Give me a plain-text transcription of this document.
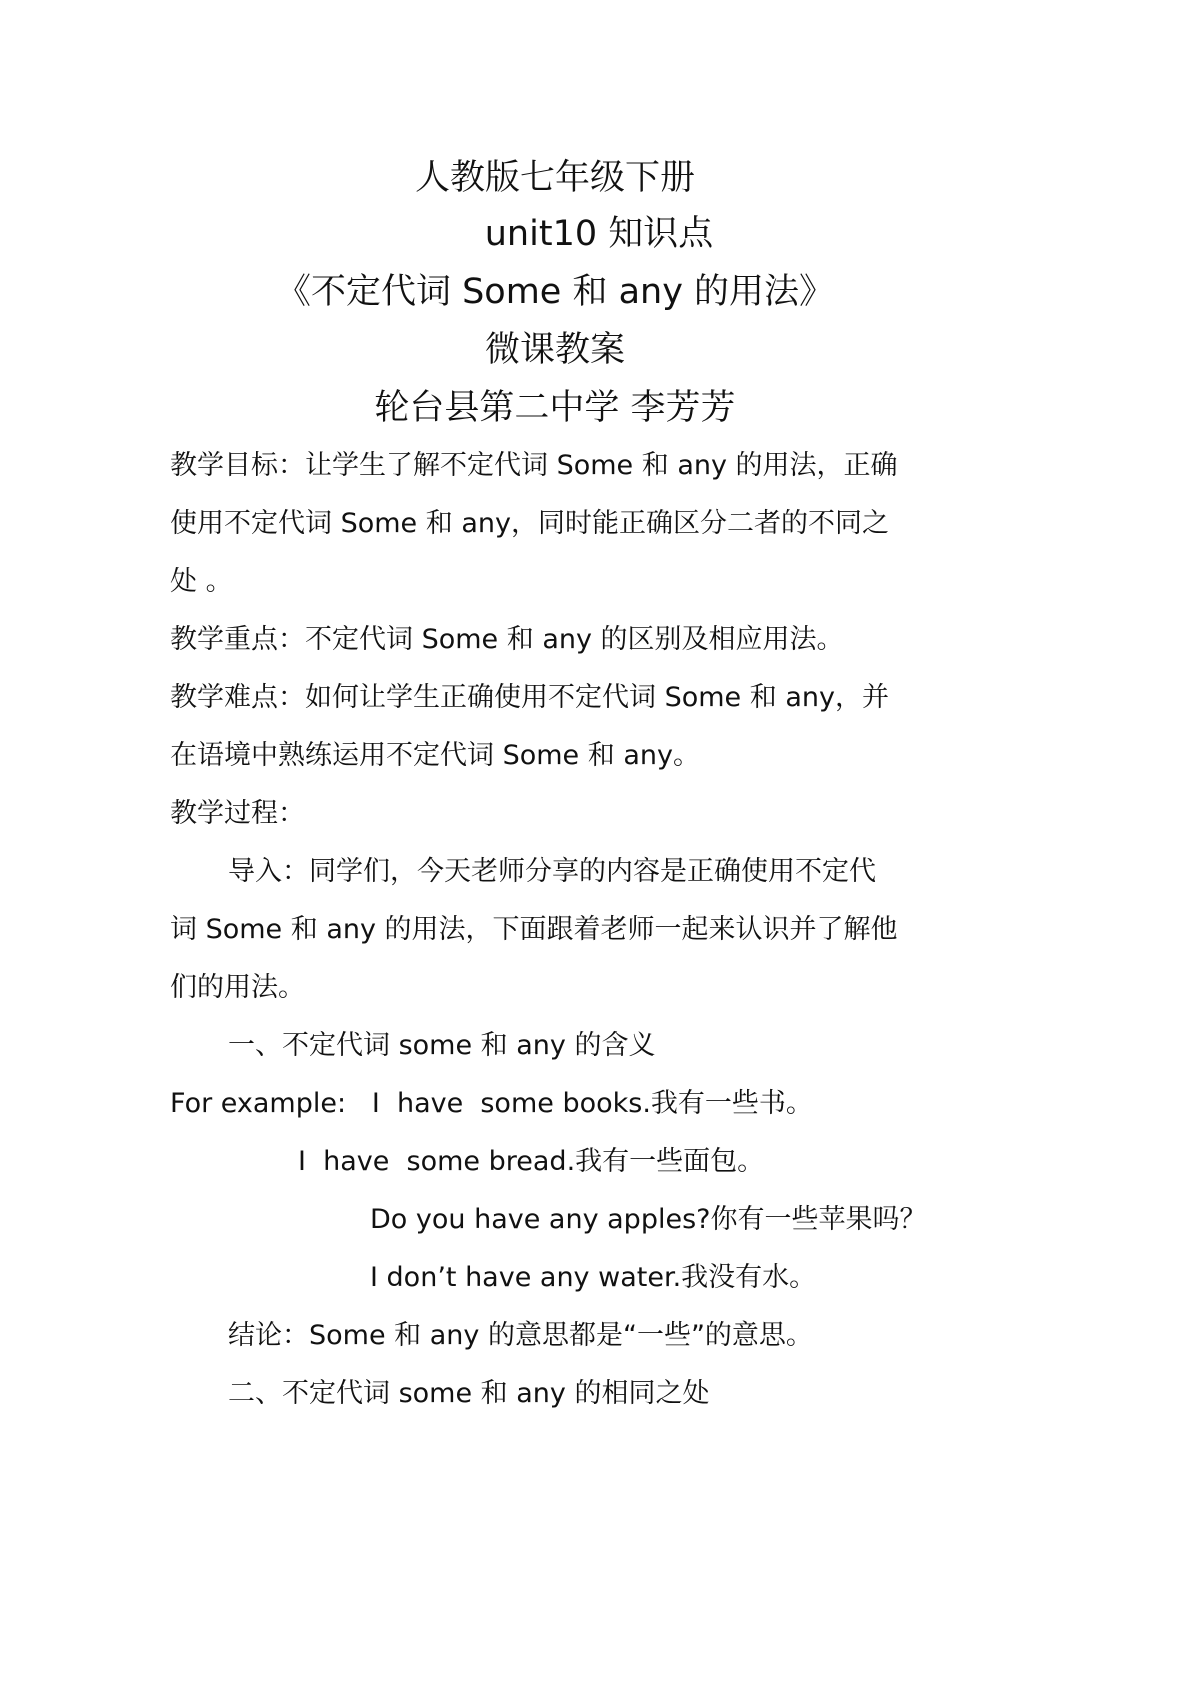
人教版七年级下册
unit10 知识点
《不定代词 Some 和 any 的用法》
微课教案
轮台县第二中学 李芳芳
教学目标：让学生了解不定代词 Some 和 any 的用法，正确
使用不定代词 Some 和 any，同时能正确区分二者的不同之
处 。
教学重点：不定代词 Some 和 any 的区别及相应用法。
教学难点：如何让学生正确使用不定代词 Some 和 any，并
在语境中熟练运用不定代词 Some 和 any。
教学过程：
导入：同学们，今天老师分享的内容是正确使用不定代
词 Some 和 any 的用法，下面跟着老师一起来认识并了解他
们的用法。
一、不定代词 some 和 any 的含义
For example:   I  have  some books.我有一些书。
I  have  some bread.我有一些面包。
Do you have any apples?你有一些苹果吗？
I don’t have any water.我没有水。
结论：Some 和 any 的意思都是“一些”的意思。
二、不定代词 some 和 any 的相同之处
